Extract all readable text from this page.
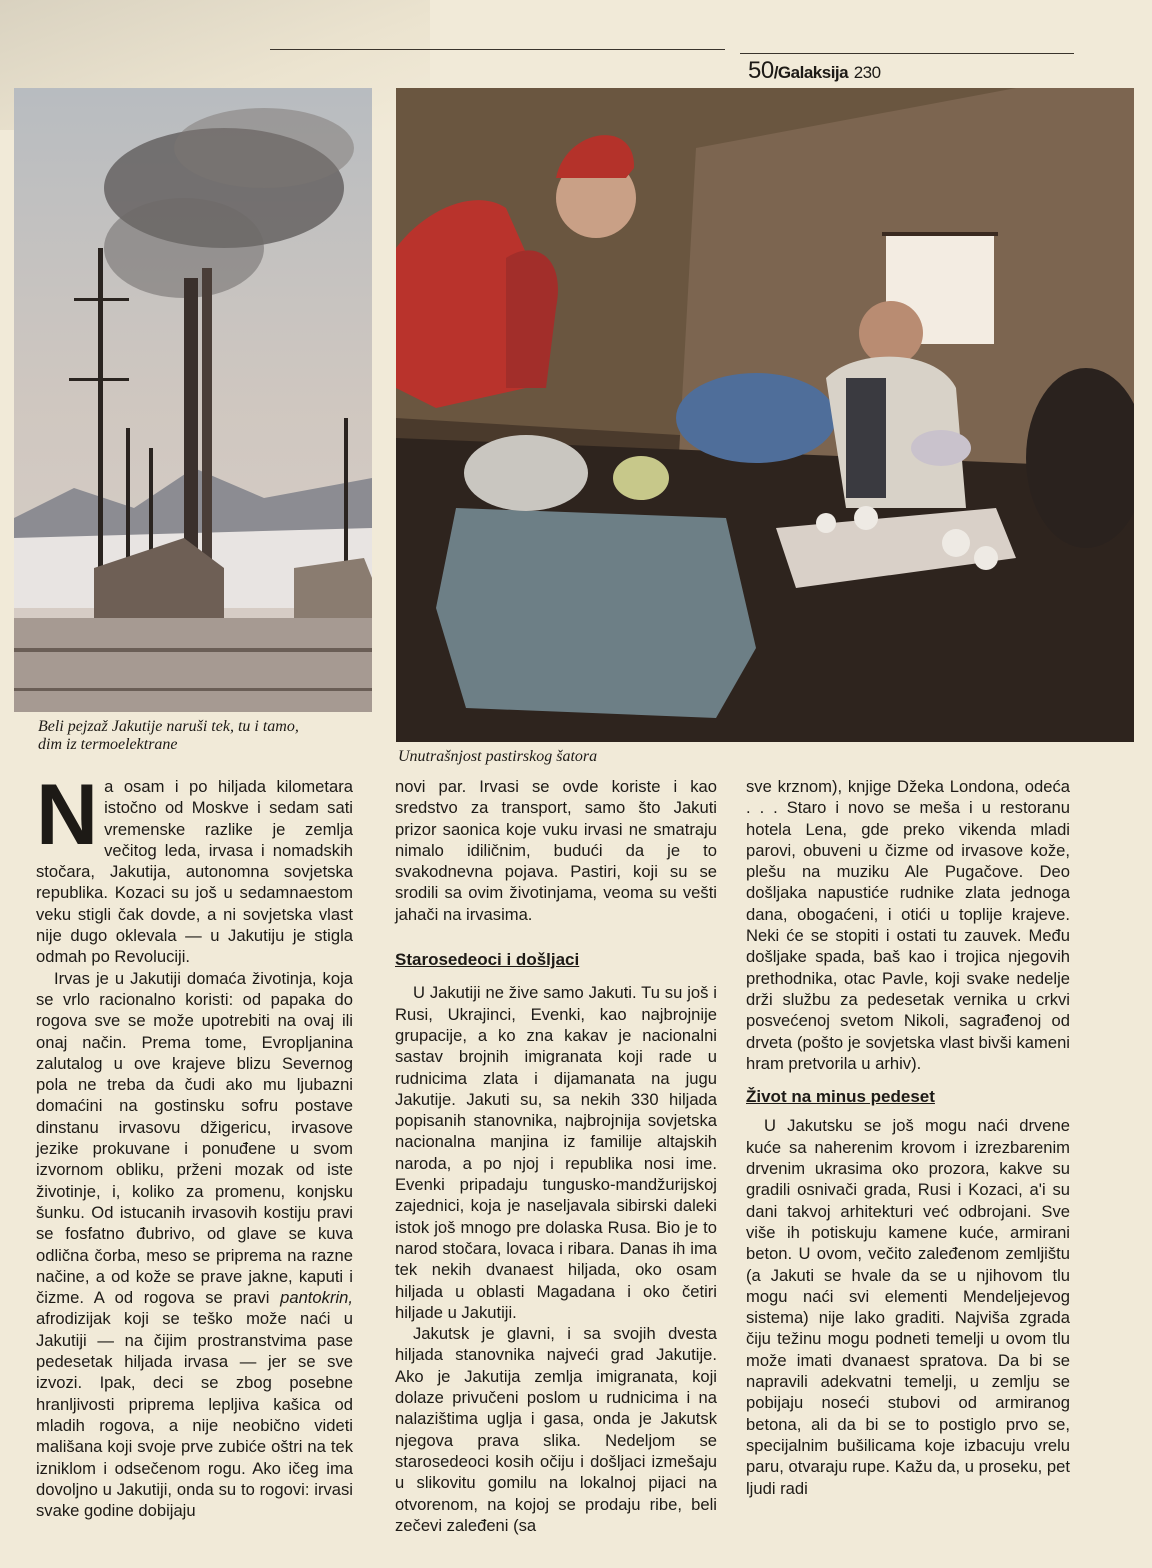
50/Galaksija 230
Beli pejzaž Jakutije naruši tek, tu i tamo,
dim iz termoelektrane
Unutrašnjost pastirskog šatora

Na osam i po hiljada kilometara istočno od Moskve i sedam sati vremenske razlike je zemlja večitog leda, irvasa i nomadskih stočara, Jakutija, autonomna sovjetska republika. Kozaci su još u sedamnaestom veku stigli čak dovde, a ni sovjetska vlast nije dugo oklevala — u Jakutiju je stigla odmah po Revoluciji.

Irvas je u Jakutiji domaća životinja, koja se vrlo racionalno koristi: od papaka do rogova sve se može upotrebiti na ovaj ili onaj način. Prema tome, Evropljanina zalutalog u ove krajeve blizu Severnog pola ne treba da čudi ako mu ljubazni domaćini na gostinsku sofru postave dinstanu irvasovu džigericu, irvasove jezike prokuvane i ponuđene u svom izvornom obliku, prženi mozak od iste životinje, i, koliko za promenu, konjsku šunku. Od istucanih irvasovih kostiju pravi se fosfatno đubrivo, od glave se kuva odlična čorba, meso se priprema na razne načine, a od kože se prave jakne, kaputi i čizme. A od rogova se pravi pantokrin, afrodizijak koji se teško može naći u Jakutiji — na čijim prostranstvima pase pedesetak hiljada irvasa — jer se sve izvozi. Ipak, deci se zbog posebne hranljivosti priprema lepljiva kašica od mladih rogova, a nije neobično videti mališana koji svoje prve zubiće oštri na tek izniklom i odsečenom rogu. Ako ičeg ima dovoljno u Jakutiji, onda su to rogovi: irvasi svake godine dobijaju

novi par. Irvasi se ovde koriste i kao sredstvo za transport, samo što Jakuti prizor saonica koje vuku irvasi ne smatraju nimalo idiličnim, budući da je to svakodnevna pojava. Pastiri, koji su se srodili sa ovim životinjama, veoma su vešti jahači na irvasima.

Starosedeoci i došljaci

U Jakutiji ne žive samo Jakuti. Tu su još i Rusi, Ukrajinci, Evenki, kao najbrojnije grupacije, a ko zna kakav je nacionalni sastav brojnih imigranata koji rade u rudnicima zlata i dijamanata na jugu Jakutije. Jakuti su, sa nekih 330 hiljada popisanih stanovnika, najbrojnija sovjetska nacionalna manjina iz familije altajskih naroda, a po njoj i republika nosi ime. Evenki pripadaju tungusko-mandžurijskoj zajednici, koja je naseljavala sibirski daleki istok još mnogo pre dolaska Rusa. Bio je to narod stočara, lovaca i ribara. Danas ih ima tek nekih dvanaest hiljada, oko osam hiljada u oblasti Magadana i oko četiri hiljade u Jakutiji.

Jakutsk je glavni, i sa svojih dvesta hiljada stanovnika najveći grad Jakutije. Ako je Jakutija zemlja imigranata, koji dolaze privučeni poslom u rudnicima i na nalazištima uglja i gasa, onda je Jakutsk njegova prava slika. Nedeljom se starosedeoci kosih očiju i došljaci izmešaju u slikovitu gomilu na lokalnoj pijaci na otvorenom, na kojoj se prodaju ribe, beli zečevi zaleđeni (sa

sve krznom), knjige Džeka Londona, odeća . . . Staro i novo se meša i u restoranu hotela Lena, gde preko vikenda mladi parovi, obuveni u čizme od irvasove kože, plešu na muziku Ale Pugačove. Deo došljaka napustiće rudnike zlata jednoga dana, obogaćeni, i otići u toplije krajeve. Neki će se stopiti i ostati tu zauvek. Među došljake spada, baš kao i trojica njegovih prethodnika, otac Pavle, koji svake nedelje drži službu za pedesetak vernika u crkvi posvećenoj svetom Nikoli, sagrađenoj od drveta (pošto je sovjetska vlast bivši kameni hram pretvorila u arhiv).

Život na minus pedeset

U Jakutsku se još mogu naći drvene kuće sa naherenim krovom i izrezbarenim drvenim ukrasima oko prozora, kakve su gradili osnivači grada, Rusi i Kozaci, a'i su dani takvoj arhitekturi već odbrojani. Sve više ih potiskuju kamene kuće, armirani beton. U ovom, večito zaleđenom zemljištu (a Jakuti se hvale da se u njihovom tlu mogu naći svi elementi Mendeljejevog sistema) nije lako graditi. Najviša zgrada čiju težinu mogu podneti temelji u ovom tlu može imati dvanaest spratova. Da bi se napravili adekvatni temelji, u zemlju se pobijaju noseći stubovi od armiranog betona, ali da bi se to postiglo prvo se, specijalnim bušilicama koje izbacuju vrelu paru, otvaraju rupe. Kažu da, u proseku, pet ljudi radi
